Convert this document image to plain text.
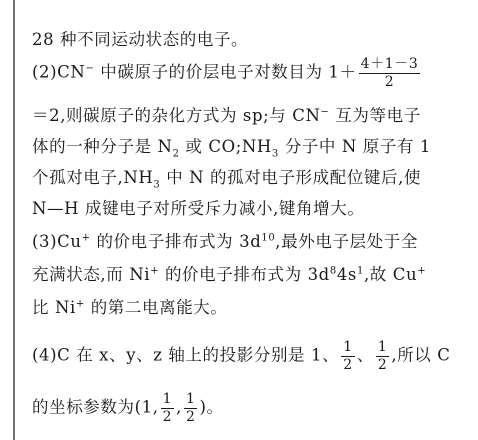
28 种不同运动状态的电子。
(2)CN− 中碳原子的价层电子对数目为 $1+ \frac{4+1-3}{2}$
＝2,则碳原子的杂化方式为 sp;与 CN− 互为等电子
体的一种分子是 $N_2$ 或 $CO;NH_3$ 分子中 N 原子有 1
个孤对电子$,NH_3$ 中 N 的孤对电子形成配位键后,使
N—H 成键电子对所受斥力减小,键角增大。
(3)Cu+ 的价电子排布式为 $3d^{10}$,最外电子层处于全
充满状态,而 Ni+ 的价电子排布式为 $3d^84s^1$,故 Cu+
比 Ni+ 的第二电离能大。
(4)C 在 x、y、z 轴上的投影分别是 1、 $\frac{1}{2}$ 、 $\frac{1}{2}$ ,所以 C
的坐标参数为(1, $\frac{1}{2}$ , $\frac{1}{2}$ )。
